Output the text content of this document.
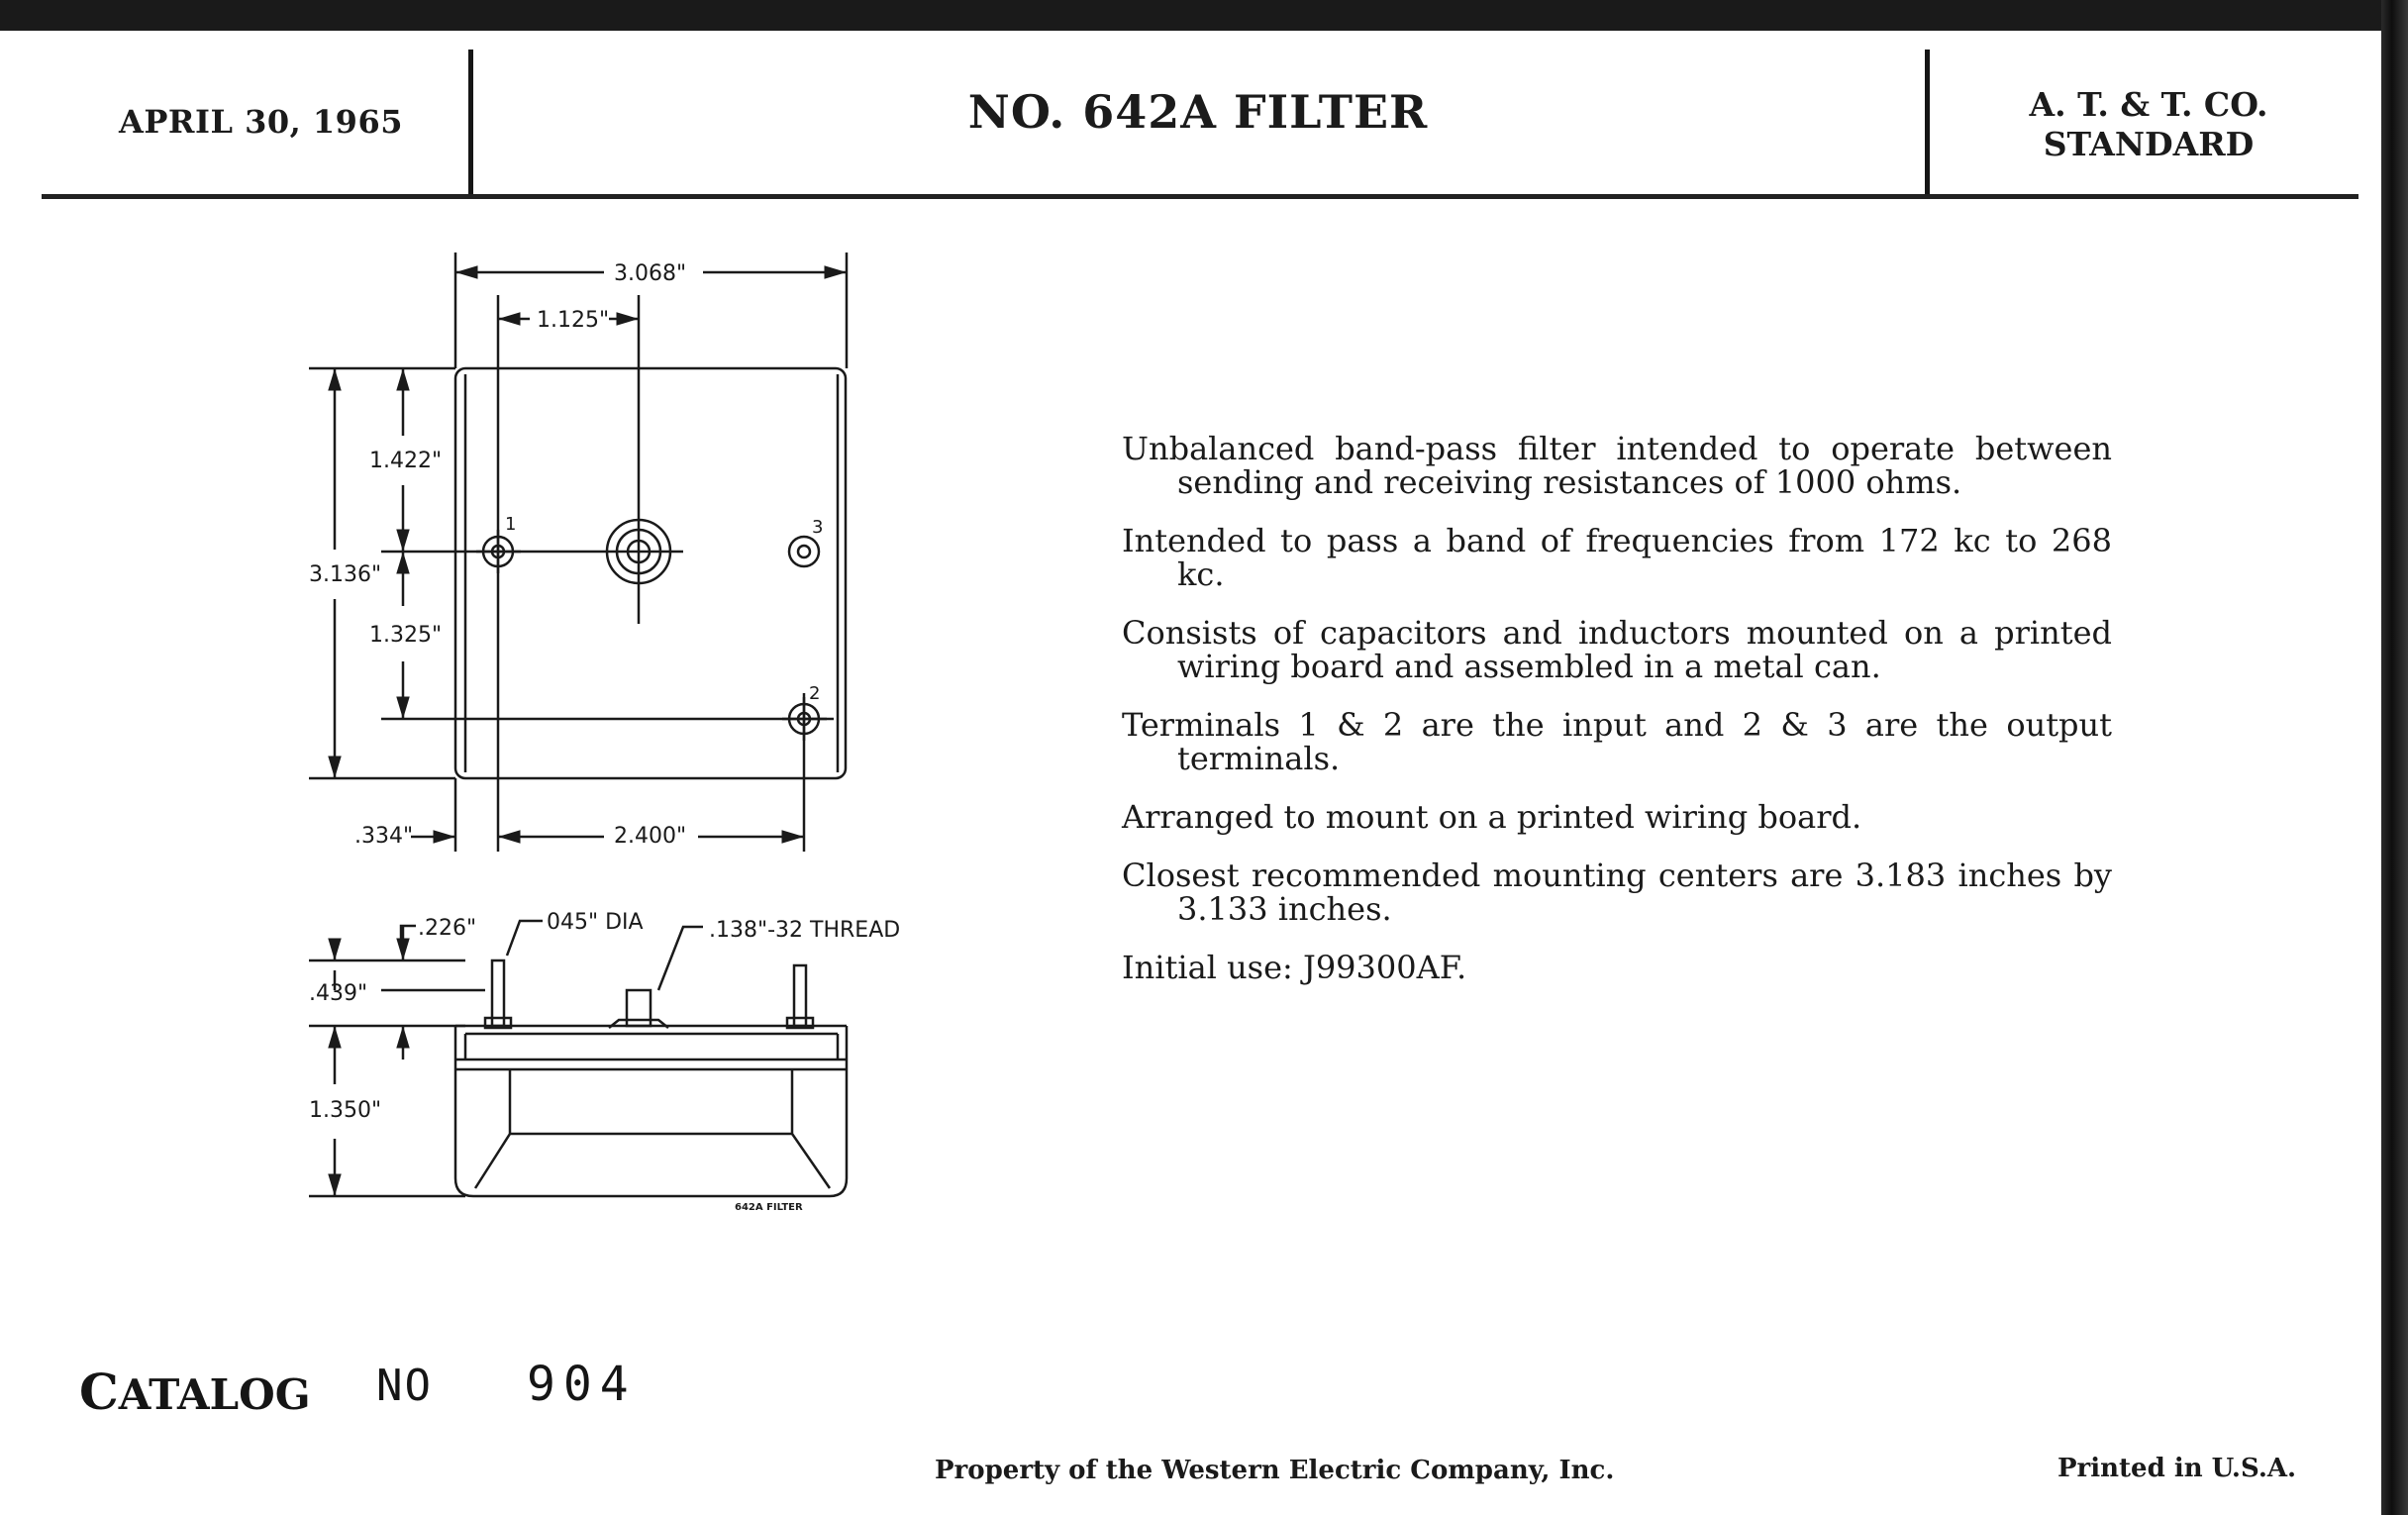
APRIL 30, 1965	NO. 642A FILTER	A. T. & T. CO.
STANDARD
3.068"
1.125"
1.422"
3.136"
1.325"
.334"	2.400"
1	3
2
.226"	045" DIA	.138"-32 THREAD
.439"
1.350"
642A FILTER

Unbalanced band-pass filter intended to operate between sending and receiving resistances of 1000 ohms.

Intended to pass a band of frequencies from 172 kc to 268 kc.

Consists of capacitors and inductors mounted on a printed wiring board and assembled in a metal can.

Terminals 1 & 2 are the input and 2 & 3 are the output terminals.

Arranged to mount on a printed wiring board.

Closest recommended mounting centers are 3.183 inches by 3.133 inches.

Initial use: J99300AF.

CATALOG NO 904
Property of the Western Electric Company, Inc.	Printed in U.S.A.
